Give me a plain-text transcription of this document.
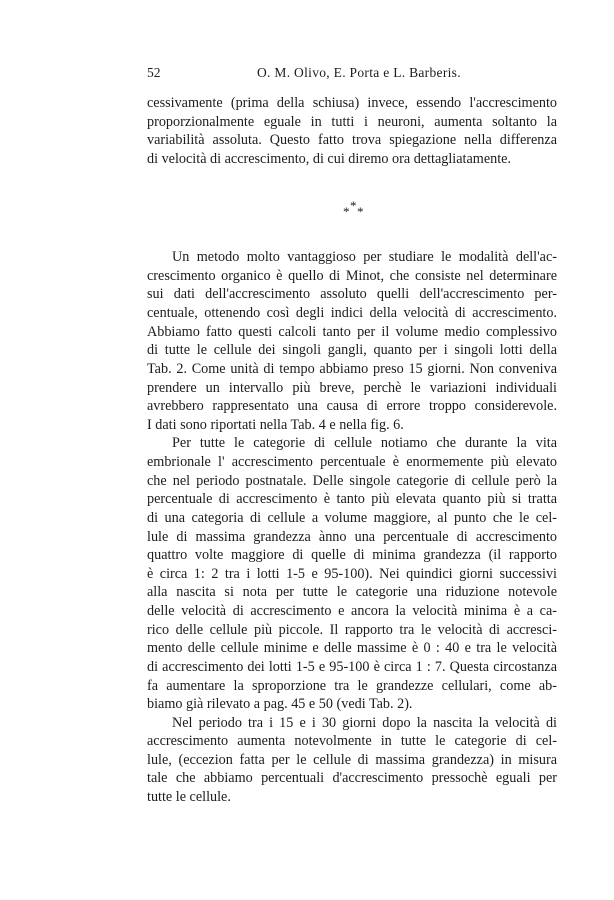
52	O. M. Olivo, E. Porta e L. Barberis.
cessivamente (prima della schiusa) invece, essendo l'accrescimento
proporzionalmente eguale in tutti i neuroni, aumenta soltanto la
variabilità assoluta. Questo fatto trova spiegazione nella differenza
di velocità di accrescimento, di cui diremo ora dettagliatamente.
*
* *
Un metodo molto vantaggioso per studiare le modalità dell'ac-
crescimento organico è quello di Minot, che consiste nel determinare
sui dati dell'accrescimento assoluto quelli dell'accrescimento per-
centuale, ottenendo così degli indici della velocità di accrescimento.
Abbiamo fatto questi calcoli tanto per il volume medio complessivo
di tutte le cellule dei singoli gangli, quanto per i singoli lotti della
Tab. 2. Come unità di tempo abbiamo preso 15 giorni. Non conveniva
prendere un intervallo più breve, perchè le variazioni individuali
avrebbero rappresentato una causa di errore troppo considerevole.
I dati sono riportati nella Tab. 4 e nella fig. 6.
Per tutte le categorie di cellule notiamo che durante la vita
embrionale l' accrescimento percentuale è enormemente più elevato
che nel periodo postnatale. Delle singole categorie di cellule però la
percentuale di accrescimento è tanto più elevata quanto più si tratta
di una categoria di cellule a volume maggiore, al punto che le cel-
lule di massima grandezza ànno una percentuale di accrescimento
quattro volte maggiore di quelle di minima grandezza (il rapporto
è circa 1: 2 tra i lotti 1-5 e 95-100). Nei quindici giorni successivi
alla nascita si nota per tutte le categorie una riduzione notevole
delle velocità di accrescimento e ancora la velocità minima è a ca-
rico delle cellule più piccole. Il rapporto tra le velocità di accresci-
mento delle cellule minime e delle massime è 0 : 40 e tra le velocità
di accrescimento dei lotti 1-5 e 95-100 è circa 1 : 7. Questa circostanza
fa aumentare la sproporzione tra le grandezze cellulari, come ab-
biamo già rilevato a pag. 45 e 50 (vedi Tab. 2).
Nel periodo tra i 15 e i 30 giorni dopo la nascita la velocità di
accrescimento aumenta notevolmente in tutte le categorie di cel-
lule, (eccezion fatta per le cellule di massima grandezza) in misura
tale che abbiamo percentuali d'accrescimento pressochè eguali per
tutte le cellule.
